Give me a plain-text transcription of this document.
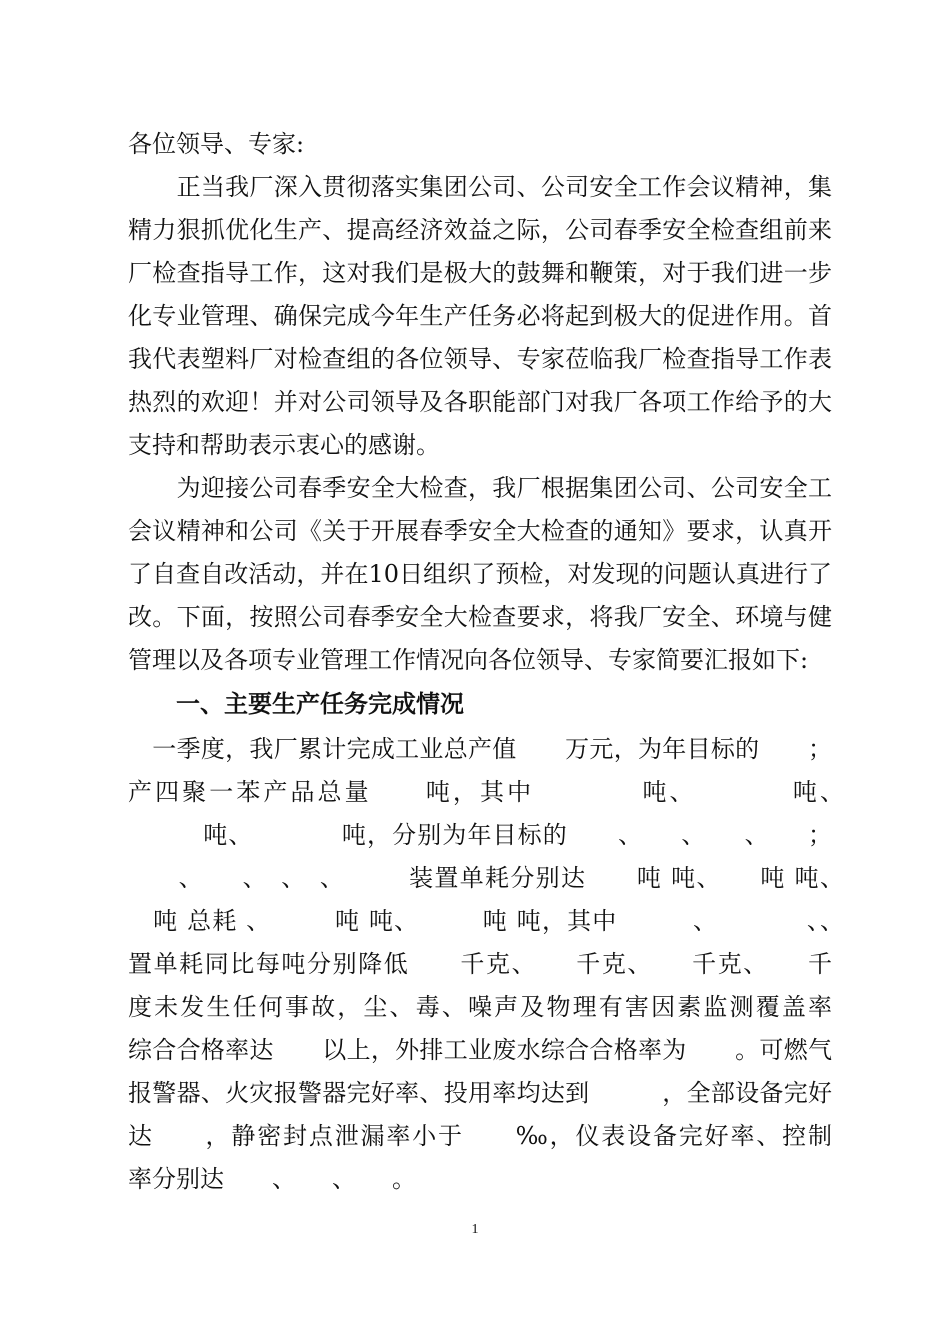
各位领导、专家:
　　正当我厂深入贯彻落实集团公司、公司安全工作会议精神，集
精力狠抓优化生产、提高经济效益之际，公司春季安全检查组前来
厂检查指导工作，这对我们是极大的鼓舞和鞭策，对于我们进一步
化专业管理、确保完成今年生产任务必将起到极大的促进作用。首
我代表塑料厂对检查组的各位领导、专家莅临我厂检查指导工作表
热烈的欢迎！并对公司领导及各职能部门对我厂各项工作给予的大
支持和帮助表示衷心的感谢。
　　为迎接公司春季安全大检查，我厂根据集团公司、公司安全工
会议精神和公司《关于开展春季安全大检查的通知》要求，认真开
了自查自改活动，并在10日组织了预检，对发现的问题认真进行了
改。下面，按照公司春季安全大检查要求，将我厂安全、环境与健
管理以及各项专业管理工作情况向各位领导、专家简要汇报如下:
　　一、主要生产任务完成情况
　一季度，我厂累计完成工业总产值　　万元，为年目标的　　；
产四聚一苯产品总量　　吨，其中　　　　吨、　　　　吨、　　
　　　吨、　　　　吨，分别为年目标的　　、　　、　　、　　；
　　、　　、　、　、　　　装置单耗分别达　　吨 吨、　　吨 吨、　　
　吨 总耗 、　　　吨 吨、　　　吨 吨，其中　　　、　　　　、、　　　
置单耗同比每吨分别降低　　千克、　　千克、　　千克、　　千
度未发生任何事故，尘、毒、噪声及物理有害因素监测覆盖率　　
综合合格率达　　以上，外排工业废水综合合格率为　　。可燃气
报警器、火灾报警器完好率、投用率均达到　　　，全部设备完好
达　　，静密封点泄漏率小于　　‰，仪表设备完好率、控制
率分别达　　、　　、　　。
1
